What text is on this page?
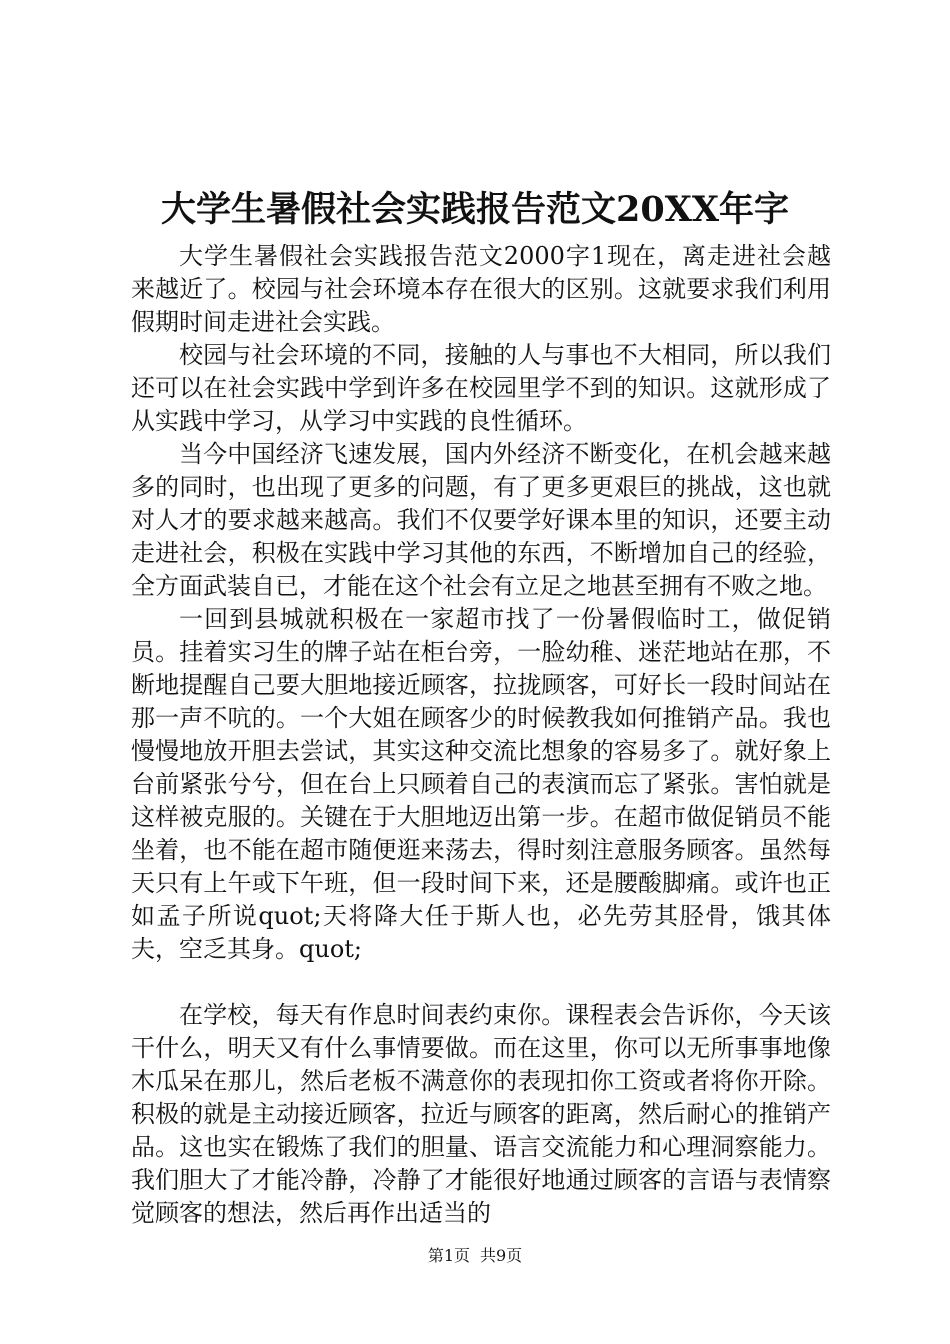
大学生暑假社会实践报告范文20XX年字

大学生暑假社会实践报告范文2000字1现在，离走进社会越来越近了。校园与社会环境本存在很大的区别。这就要求我们利用假期时间走进社会实践。

校园与社会环境的不同，接触的人与事也不大相同，所以我们还可以在社会实践中学到许多在校园里学不到的知识。这就形成了从实践中学习，从学习中实践的良性循环。

当今中国经济飞速发展，国内外经济不断变化，在机会越来越多的同时，也出现了更多的问题，有了更多更艰巨的挑战，这也就对人才的要求越来越高。我们不仅要学好课本里的知识，还要主动走进社会，积极在实践中学习其他的东西，不断增加自己的经验，全方面武装自已，才能在这个社会有立足之地甚至拥有不败之地。

一回到县城就积极在一家超市找了一份暑假临时工，做促销员。挂着实习生的牌子站在柜台旁，一脸幼稚、迷茫地站在那，不断地提醒自己要大胆地接近顾客，拉拢顾客，可好长一段时间站在那一声不吭的。一个大姐在顾客少的时候教我如何推销产品。我也慢慢地放开胆去尝试，其实这种交流比想象的容易多了。就好象上台前紧张兮兮，但在台上只顾着自己的表演而忘了紧张。害怕就是这样被克服的。关键在于大胆地迈出第一步。在超市做促销员不能坐着，也不能在超市随便逛来荡去，得时刻注意服务顾客。虽然每天只有上午或下午班，但一段时间下来，还是腰酸脚痛。或许也正如孟子所说quot;天将降大任于斯人也，必先劳其胫骨，饿其体夫，空乏其身。quot;

在学校，每天有作息时间表约束你。课程表会告诉你，今天该干什么，明天又有什么事情要做。而在这里，你可以无所事事地像木瓜呆在那儿，然后老板不满意你的表现扣你工资或者将你开除。积极的就是主动接近顾客，拉近与顾客的距离，然后耐心的推销产品。这也实在锻炼了我们的胆量、语言交流能力和心理洞察能力。我们胆大了才能冷静，冷静了才能很好地通过顾客的言语与表情察觉顾客的想法，然后再作出适当的

第1页 共9页
